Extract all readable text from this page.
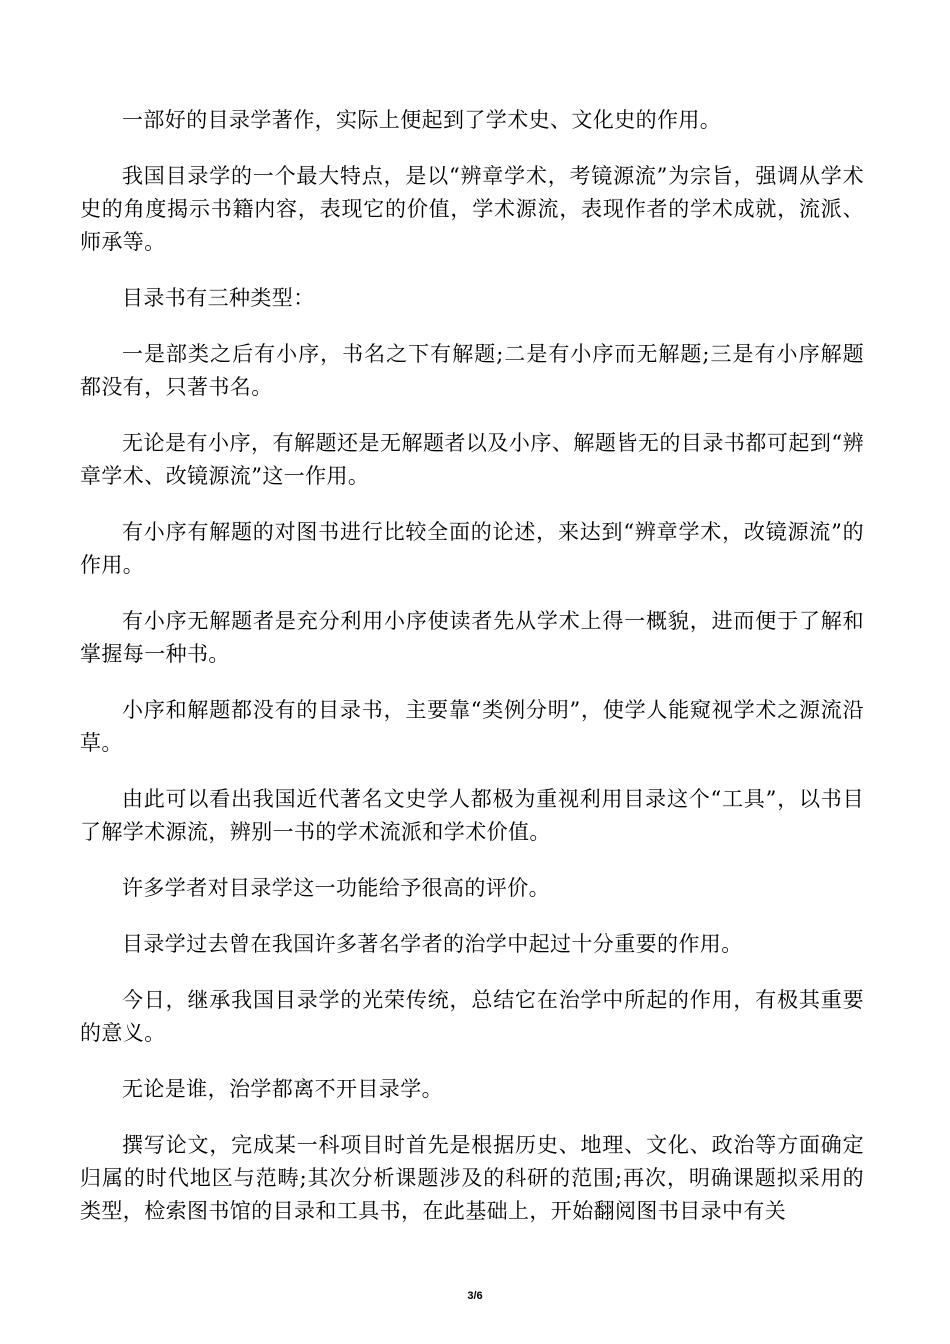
一部好的目录学著作，实际上便起到了学术史、文化史的作用。

我国目录学的一个最大特点，是以“辨章学术，考镜源流”为宗旨，强调从学术史的角度揭示书籍内容，表现它的价值，学术源流，表现作者的学术成就，流派、师承等。

目录书有三种类型：

一是部类之后有小序，书名之下有解题;二是有小序而无解题;三是有小序解题都没有，只著书名。

无论是有小序，有解题还是无解题者以及小序、解题皆无的目录书都可起到“辨章学术、改镜源流”这一作用。

有小序有解题的对图书进行比较全面的论述，来达到“辨章学术，改镜源流”的作用。

有小序无解题者是充分利用小序使读者先从学术上得一概貌，进而便于了解和掌握每一种书。

小序和解题都没有的目录书，主要靠“类例分明”，使学人能窥视学术之源流沿草。

由此可以看出我国近代著名文史学人都极为重视利用目录这个“工具”，以书目了解学术源流，辨别一书的学术流派和学术价值。

许多学者对目录学这一功能给予很高的评价。

目录学过去曾在我国许多著名学者的治学中起过十分重要的作用。

今日，继承我国目录学的光荣传统，总结它在治学中所起的作用，有极其重要的意义。

无论是谁，治学都离不开目录学。

撰写论文，完成某一科项目时首先是根据历史、地理、文化、政治等方面确定归属的时代地区与范畴;其次分析课题涉及的科研的范围;再次，明确课题拟采用的类型，检索图书馆的目录和工具书，在此基础上，开始翻阅图书目录中有关

3/6
